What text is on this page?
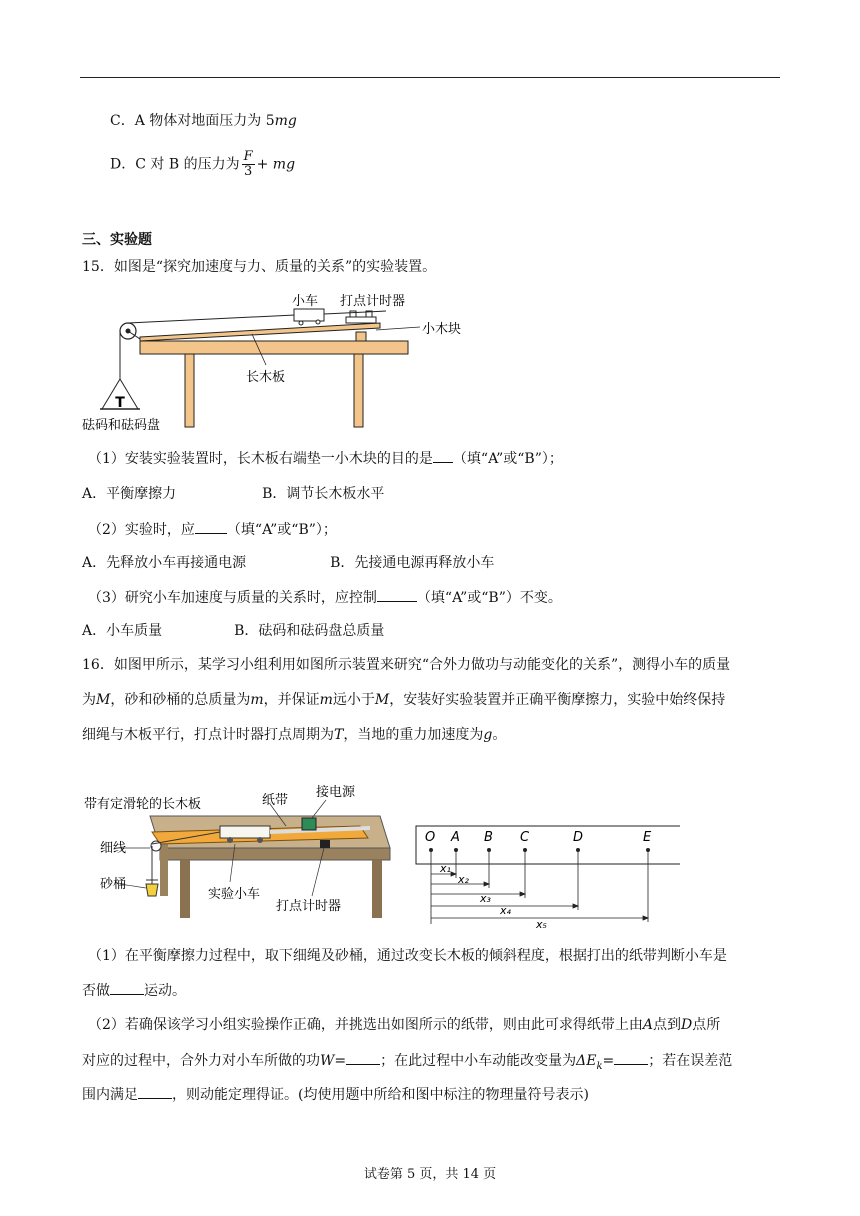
C．A 物体对地面压力为 5mg
D．C 对 B 的压力为 $\frac{F}{3}$ + mg
三、实验题
15．如图是“探究加速度与力、质量的关系”的实验装置。
T
小车 打点计时器
小木块
长木板
砝码和砝码盘
（1）安装实验装置时，长木板右端垫一小木块的目的是 （填“A”或“B”）；
A．平衡摩擦力	B．调节长木板水平
（2）实验时，应 （填“A”或“B”）；
A．先释放小车再接通电源	B．先接通电源再释放小车
（3）研究小车加速度与质量的关系时，应控制	（填“A”或“B”）不变。
A．小车质量	B．砝码和砝码盘总质量
16．如图甲所示，某学习小组利用如图所示装置来研究“合外力做功与动能变化的关系”，测得小车的质量
为M，砂和砂桶的总质量为m，并保证m远小于M，安装好实验装置并正确平衡摩擦力，实验中始终保持
细绳与木板平行，打点计时器打点周期为T，当地的重力加速度为g。
带有定滑轮的长木板	纸带
接电源
细线
砂桶
实验小车
打点计时器
O A B C	D	E
x₁
x₂
x₃
x₄
x₅
（1）在平衡摩擦力过程中，取下细绳及砂桶，通过改变长木板的倾斜程度，根据打出的纸带判断小车是
否做 运动。
（2）若确保该学习小组实验操作正确，并挑选出如图所示的纸带，则由此可求得纸带上由A点到D点所
对应的过程中，合外力对小车所做的功W= ；在此过程中小车动能改变量为$\Delta E_k=$ ；若在误差范
围内满足 ，则动能定理得证。(均使用题中所给和图中标注的物理量符号表示)
试卷第 5 页，共 14 页
